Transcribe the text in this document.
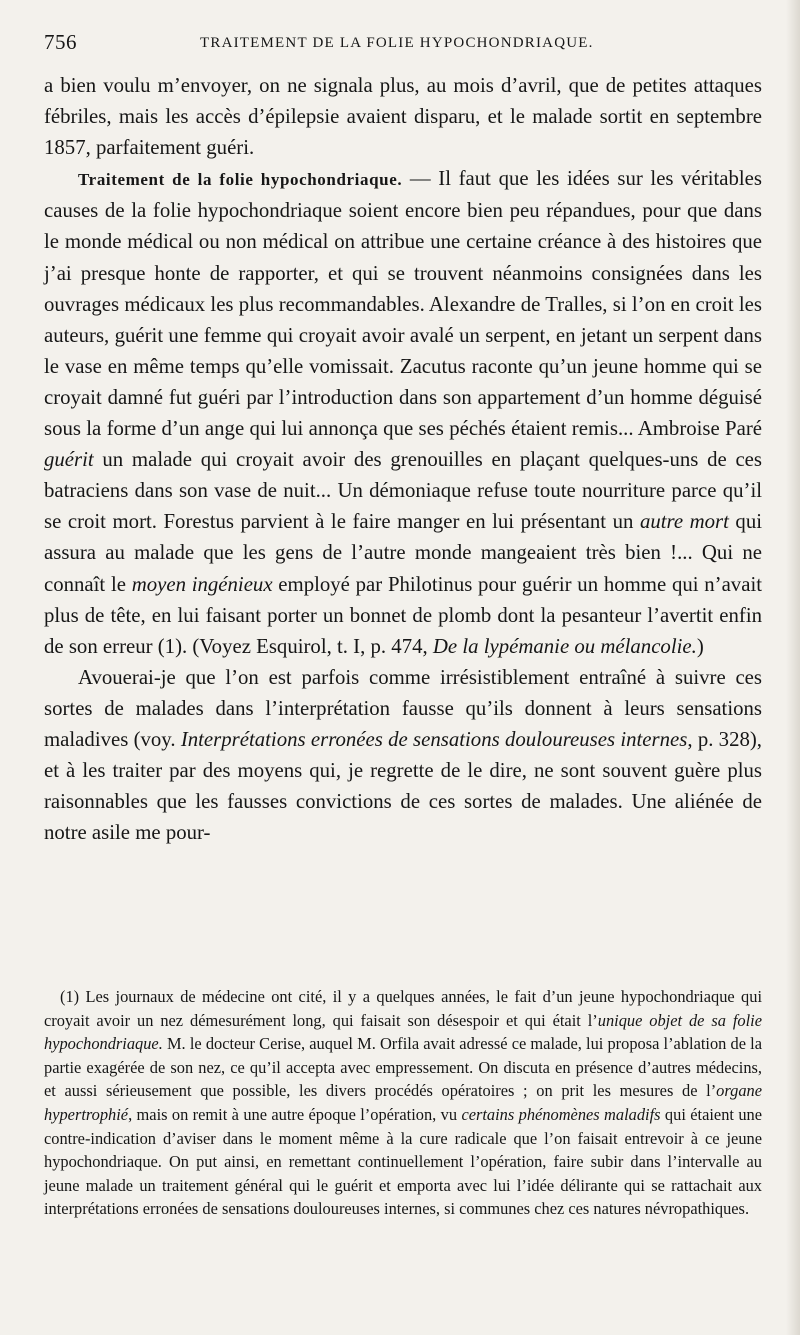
756	TRAITEMENT DE LA FOLIE HYPOCHONDRIAQUE.

a bien voulu m’envoyer, on ne signala plus, au mois d’avril, que de petites attaques fébriles, mais les accès d’épilepsie avaient disparu, et le malade sortit en septembre 1857, parfaitement guéri.

Traitement de la folie hypochondriaque. — Il faut que les idées sur les véritables causes de la folie hypochondriaque soient encore bien peu répandues, pour que dans le monde médical ou non médical on attribue une certaine créance à des histoires que j’ai presque honte de rapporter, et qui se trouvent néanmoins consignées dans les ouvrages médicaux les plus recommandables. Alexandre de Tralles, si l’on en croit les auteurs, guérit une femme qui croyait avoir avalé un serpent, en jetant un serpent dans le vase en même temps qu’elle vomissait. Zacutus raconte qu’un jeune homme qui se croyait damné fut guéri par l’introduction dans son appartement d’un homme déguisé sous la forme d’un ange qui lui annonça que ses péchés étaient remis... Ambroise Paré guérit un malade qui croyait avoir des grenouilles en plaçant quelques-uns de ces batraciens dans son vase de nuit... Un démoniaque refuse toute nourriture parce qu’il se croit mort. Forestus parvient à le faire manger en lui présentant un autre mort qui assura au malade que les gens de l’autre monde mangeaient très bien !... Qui ne connaît le moyen ingénieux employé par Philotinus pour guérir un homme qui n’avait plus de tête, en lui faisant porter un bonnet de plomb dont la pesanteur l’avertit enfin de son erreur (1). (Voyez Esquirol, t. I, p. 474, De la lypémanie ou mélancolie.)

Avouerai-je que l’on est parfois comme irrésistiblement entraîné à suivre ces sortes de malades dans l’interprétation fausse qu’ils donnent à leurs sensations maladives (voy. Interprétations erronées de sensations douloureuses internes, p. 328), et à les traiter par des moyens qui, je regrette de le dire, ne sont souvent guère plus raisonnables que les fausses convictions de ces sortes de malades. Une aliénée de notre asile me pour-

(1) Les journaux de médecine ont cité, il y a quelques années, le fait d’un jeune hypochondriaque qui croyait avoir un nez démesurément long, qui faisait son désespoir et qui était l’unique objet de sa folie hypochondriaque. M. le docteur Cerise, auquel M. Orfila avait adressé ce malade, lui proposa l’ablation de la partie exagérée de son nez, ce qu’il accepta avec empressement. On discuta en présence d’autres médecins, et aussi sérieusement que possible, les divers procédés opératoires ; on prit les mesures de l’organe hypertrophié, mais on remit à une autre époque l’opération, vu certains phénomènes maladifs qui étaient une contre-indication d’aviser dans le moment même à la cure radicale que l’on faisait entrevoir à ce jeune hypochondriaque. On put ainsi, en remettant continuellement l’opération, faire subir dans l’intervalle au jeune malade un traitement général qui le guérit et emporta avec lui l’idée délirante qui se rattachait aux interprétations erronées de sensations douloureuses internes, si communes chez ces natures névropathiques.
